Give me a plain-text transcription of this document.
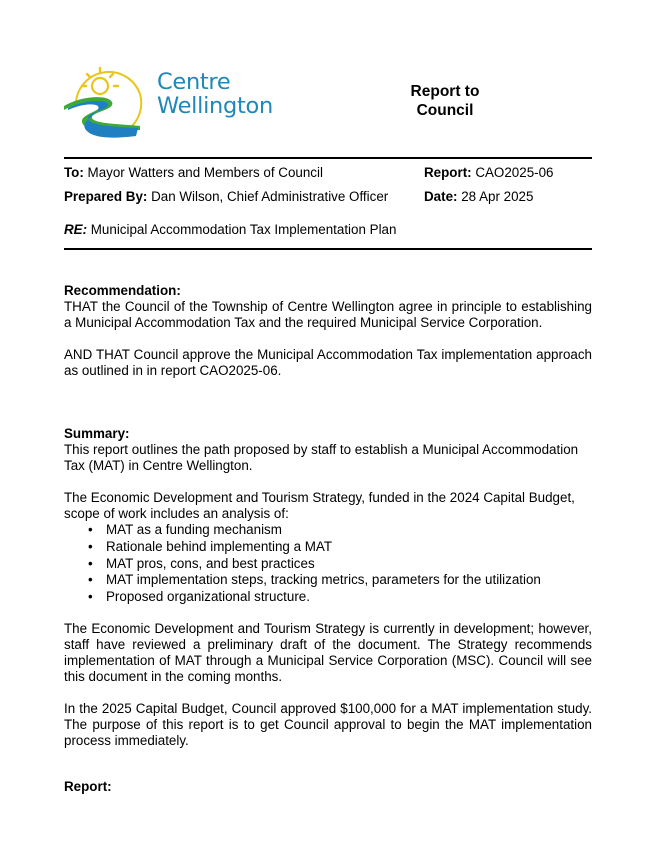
Centre
Wellington
Report to
Council
To: Mayor Watters and Members of Council	Report: CAO2025-06
Prepared By: Dan Wilson, Chief Administrative Officer	Date: 28 Apr 2025
RE: Municipal Accommodation Tax Implementation Plan
Recommendation:
THAT the Council of the Township of Centre Wellington agree in principle to establishing a Municipal Accommodation Tax and the required Municipal Service Corporation.
AND THAT Council approve the Municipal Accommodation Tax implementation approach as outlined in in report CAO2025-06.
Summary:
This report outlines the path proposed by staff to establish a Municipal Accommodation Tax (MAT) in Centre Wellington.
The Economic Development and Tourism Strategy, funded in the 2024 Capital Budget, scope of work includes an analysis of:
• MAT as a funding mechanism
• Rationale behind implementing a MAT
• MAT pros, cons, and best practices
• MAT implementation steps, tracking metrics, parameters for the utilization
• Proposed organizational structure.
The Economic Development and Tourism Strategy is currently in development; however, staff have reviewed a preliminary draft of the document. The Strategy recommends implementation of MAT through a Municipal Service Corporation (MSC). Council will see this document in the coming months.
In the 2025 Capital Budget, Council approved $100,000 for a MAT implementation study. The purpose of this report is to get Council approval to begin the MAT implementation process immediately.
Report:
